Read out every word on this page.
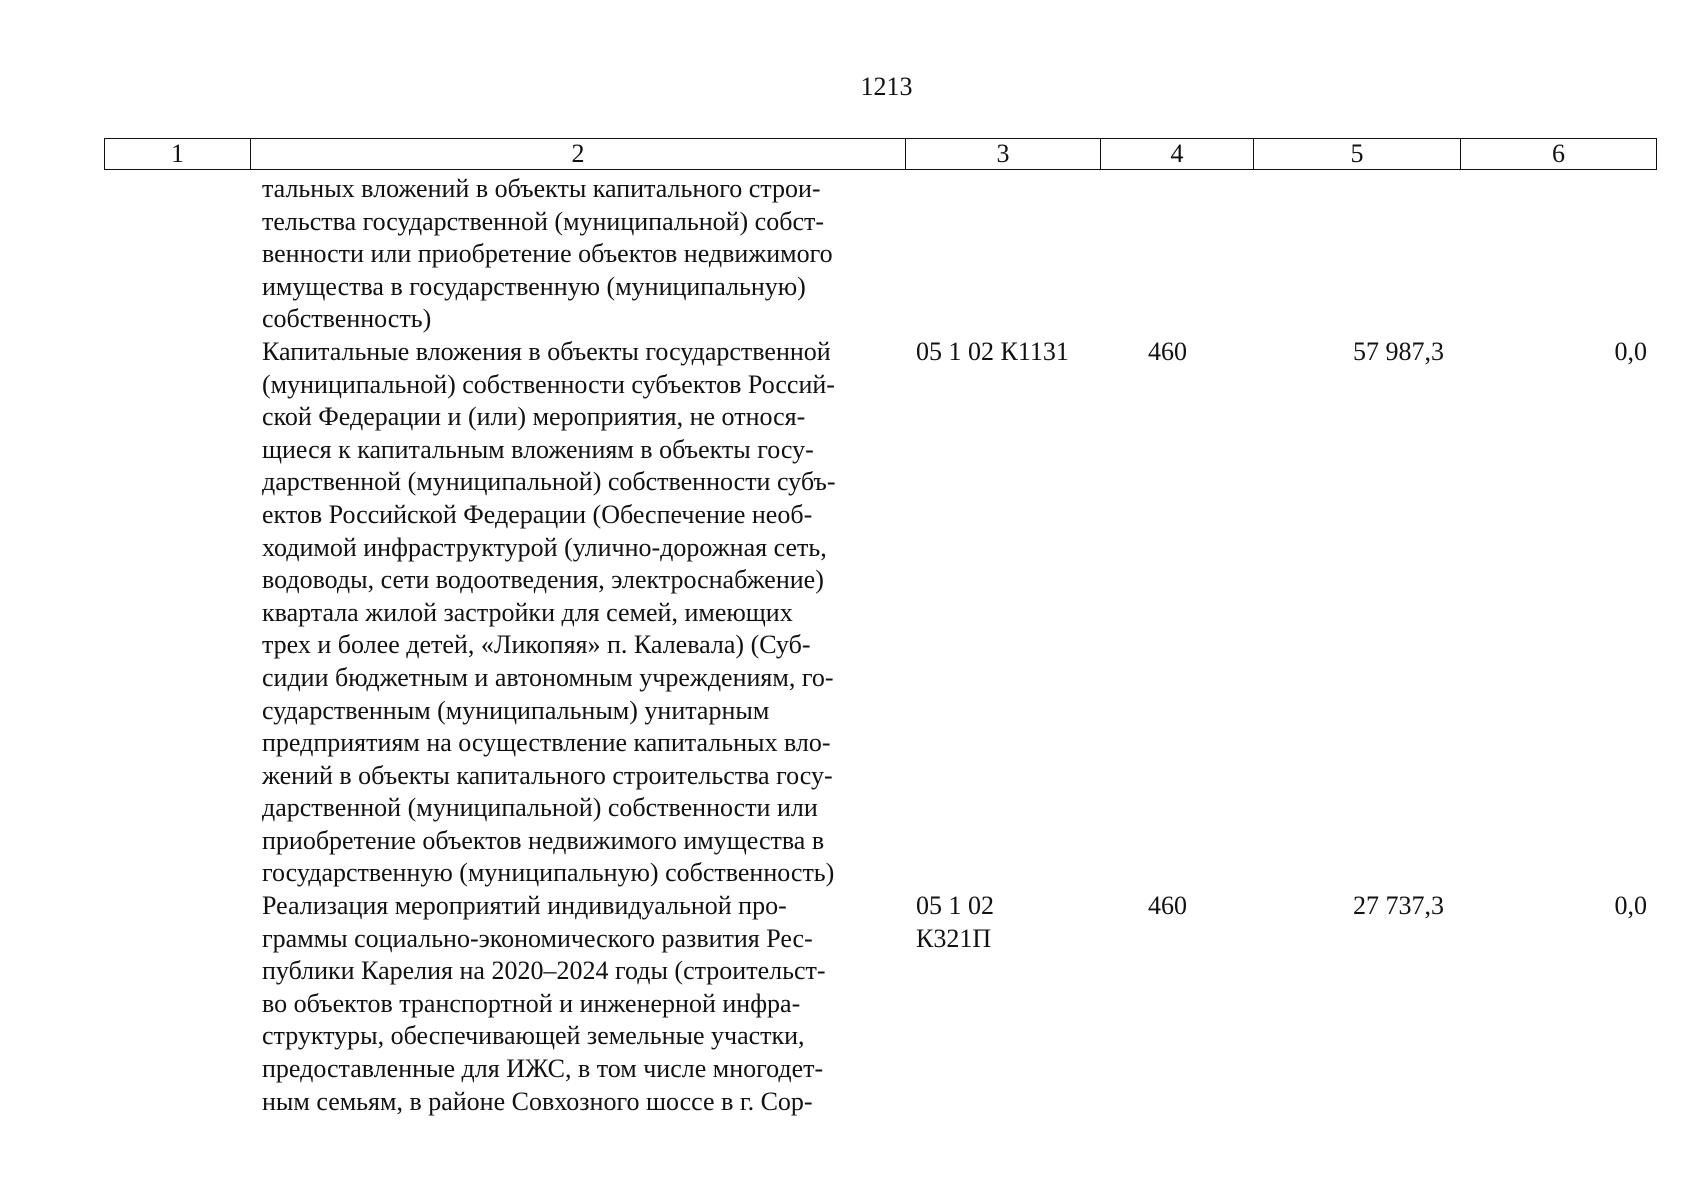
1213
1	2	3	4	5	6
тальных вложений в объекты капитального строи-
тельства государственной (муниципальной) собст-
венности или приобретение объектов недвижимого
имущества в государственную (муниципальную)
собственность)
Капитальные вложения в объекты государственной
(муниципальной) собственности субъектов Россий-
ской Федерации и (или) мероприятия, не относя-
щиеся к капитальным вложениям в объекты госу-
дарственной (муниципальной) собственности субъ-
ектов Российской Федерации (Обеспечение необ-
ходимой инфраструктурой (улично-дорожная сеть,
водоводы, сети водоотведения, электроснабжение)
квартала жилой застройки для семей, имеющих
трех и более детей, «Ликопяя» п. Калевала) (Суб-
сидии бюджетным и автономным учреждениям, го-
сударственным (муниципальным) унитарным
предприятиям на осуществление капитальных вло-
жений в объекты капитального строительства госу-
дарственной (муниципальной) собственности или
приобретение объектов недвижимого имущества в
государственную (муниципальную) собственность)
05 1 02 К1131	460	57 987,3	0,0
Реализация мероприятий индивидуальной про-
граммы социально-экономического развития Рес-
публики Карелия на 2020–2024 годы (строительст-
во объектов транспортной и инженерной инфра-
структуры, обеспечивающей земельные участки,
предоставленные для ИЖС, в том числе многодет-
ным семьям, в районе Совхозного шоссе в г. Сор-
05 1 02
К321П
460	27 737,3	0,0
